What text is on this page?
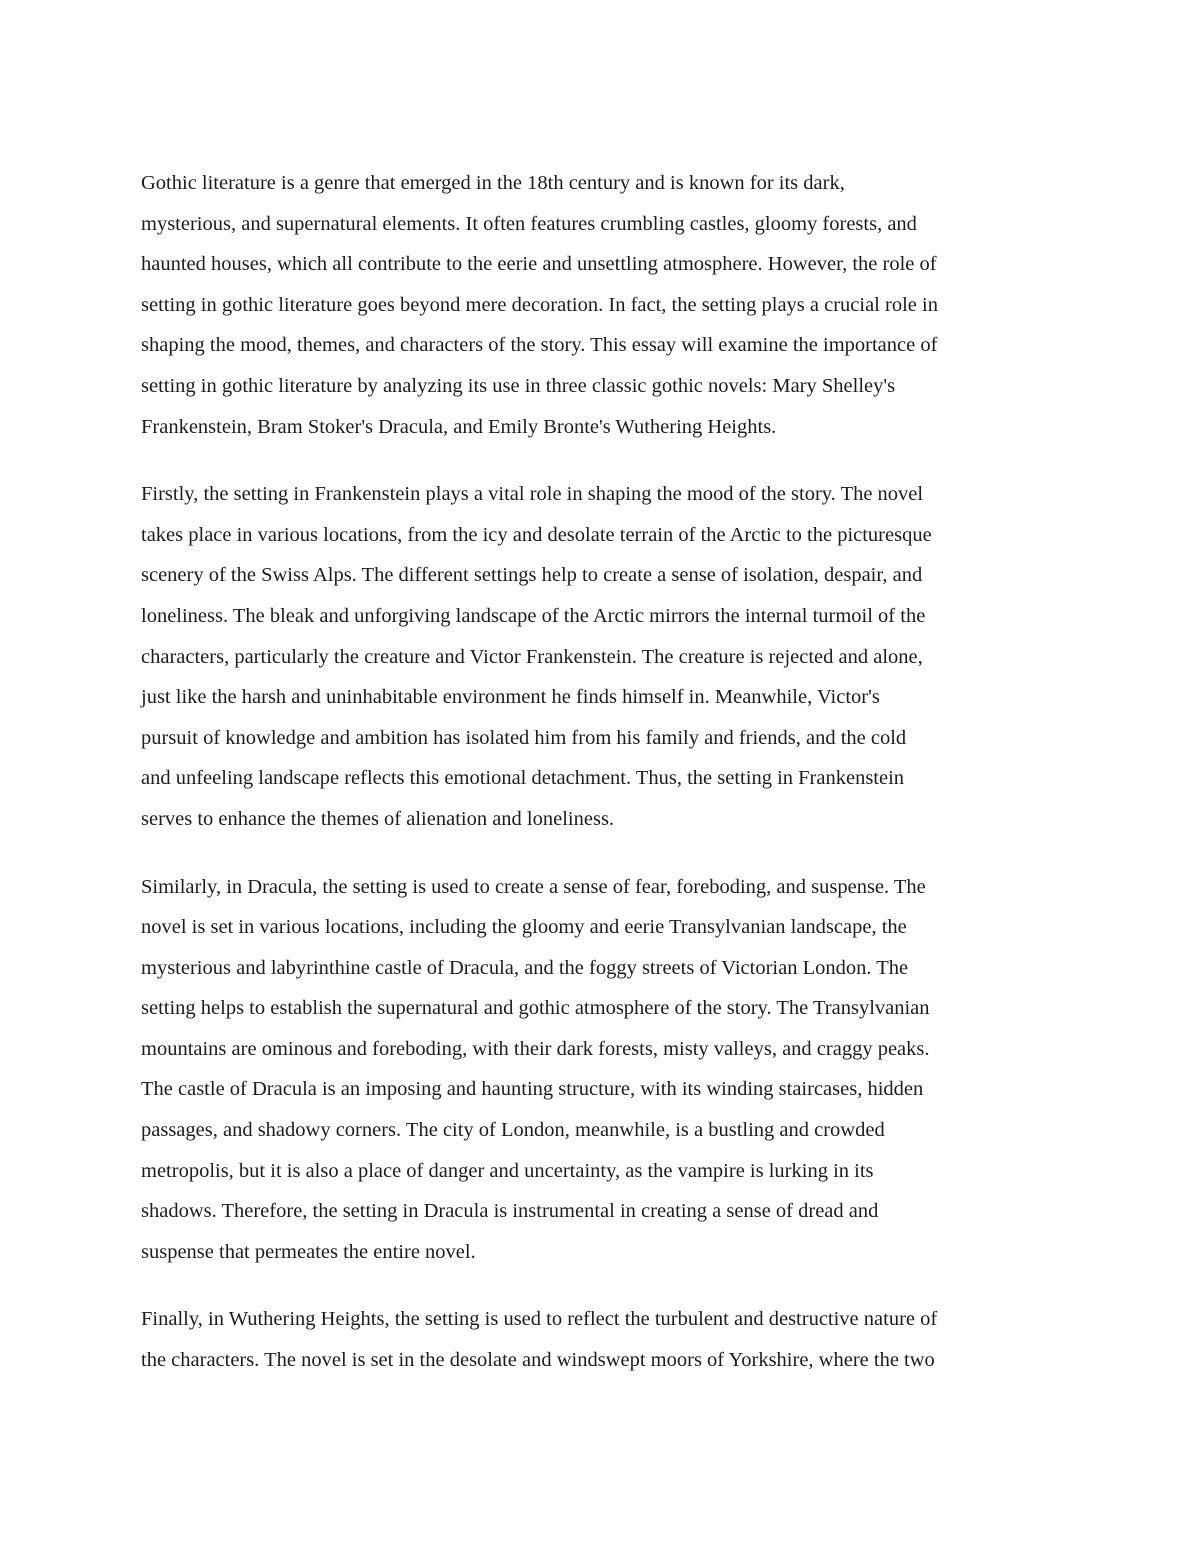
Gothic literature is a genre that emerged in the 18th century and is known for its dark,
mysterious, and supernatural elements. It often features crumbling castles, gloomy forests, and
haunted houses, which all contribute to the eerie and unsettling atmosphere. However, the role of
setting in gothic literature goes beyond mere decoration. In fact, the setting plays a crucial role in
shaping the mood, themes, and characters of the story. This essay will examine the importance of
setting in gothic literature by analyzing its use in three classic gothic novels: Mary Shelley's
Frankenstein, Bram Stoker's Dracula, and Emily Bronte's Wuthering Heights.
Firstly, the setting in Frankenstein plays a vital role in shaping the mood of the story. The novel
takes place in various locations, from the icy and desolate terrain of the Arctic to the picturesque
scenery of the Swiss Alps. The different settings help to create a sense of isolation, despair, and
loneliness. The bleak and unforgiving landscape of the Arctic mirrors the internal turmoil of the
characters, particularly the creature and Victor Frankenstein. The creature is rejected and alone,
just like the harsh and uninhabitable environment he finds himself in. Meanwhile, Victor's
pursuit of knowledge and ambition has isolated him from his family and friends, and the cold
and unfeeling landscape reflects this emotional detachment. Thus, the setting in Frankenstein
serves to enhance the themes of alienation and loneliness.
Similarly, in Dracula, the setting is used to create a sense of fear, foreboding, and suspense. The
novel is set in various locations, including the gloomy and eerie Transylvanian landscape, the
mysterious and labyrinthine castle of Dracula, and the foggy streets of Victorian London. The
setting helps to establish the supernatural and gothic atmosphere of the story. The Transylvanian
mountains are ominous and foreboding, with their dark forests, misty valleys, and craggy peaks.
The castle of Dracula is an imposing and haunting structure, with its winding staircases, hidden
passages, and shadowy corners. The city of London, meanwhile, is a bustling and crowded
metropolis, but it is also a place of danger and uncertainty, as the vampire is lurking in its
shadows. Therefore, the setting in Dracula is instrumental in creating a sense of dread and
suspense that permeates the entire novel.
Finally, in Wuthering Heights, the setting is used to reflect the turbulent and destructive nature of
the characters. The novel is set in the desolate and windswept moors of Yorkshire, where the two
